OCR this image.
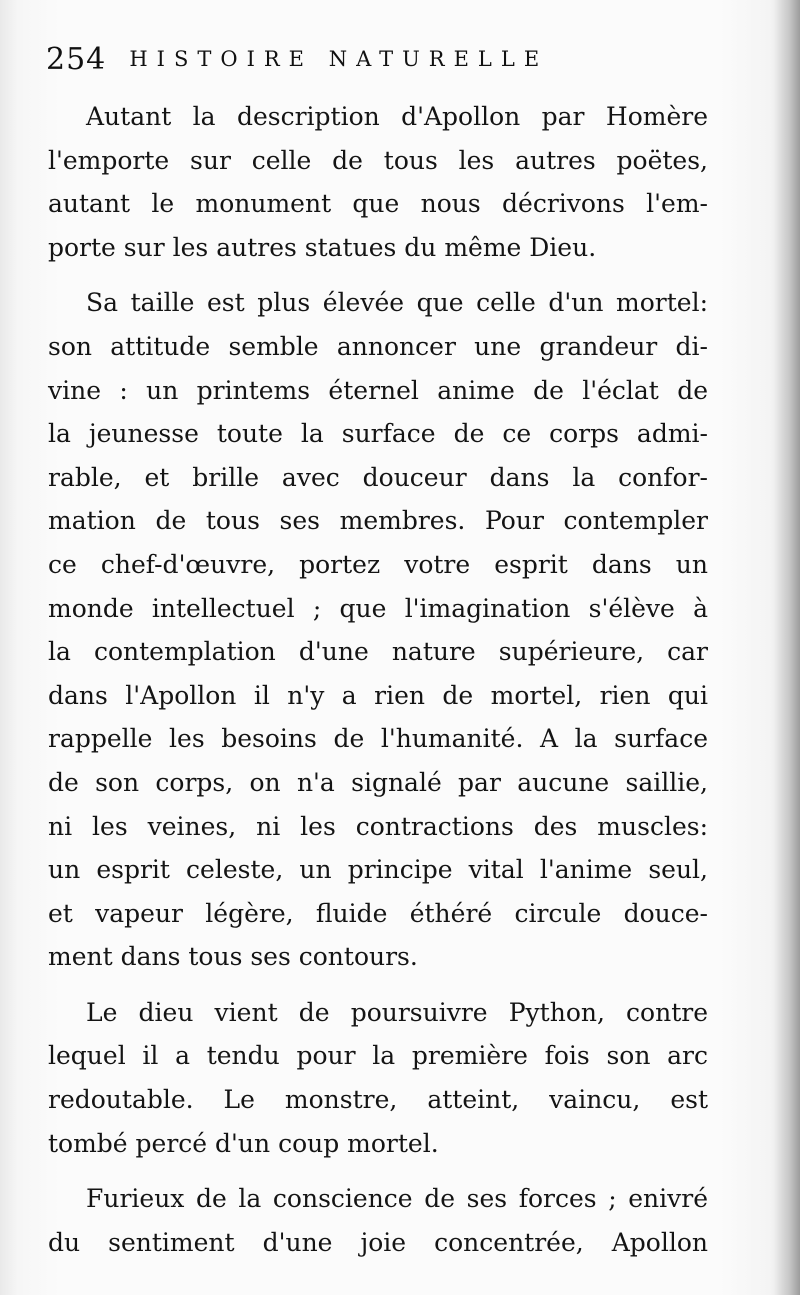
254 HISTOIRE NATURELLE
Autant la description d'Apollon par Homère
l'emporte sur celle de tous les autres poëtes,
autant le monument que nous décrivons l'em-
porte sur les autres statues du même Dieu.
Sa taille est plus élevée que celle d'un mortel:
son attitude semble annoncer une grandeur di-
vine : un printems éternel anime de l'éclat de
la jeunesse toute la surface de ce corps admi-
rable, et brille avec douceur dans la confor-
mation de tous ses membres. Pour contempler
ce chef-d'œuvre, portez votre esprit dans un
monde intellectuel ; que l'imagination s'élève à
la contemplation d'une nature supérieure, car
dans l'Apollon il n'y a rien de mortel, rien qui
rappelle les besoins de l'humanité. A la surface
de son corps, on n'a signalé par aucune saillie,
ni les veines, ni les contractions des muscles:
un esprit celeste, un principe vital l'anime seul,
et vapeur légère, fluide éthéré circule douce-
ment dans tous ses contours.
Le dieu vient de poursuivre Python, contre
lequel il a tendu pour la première fois son arc
redoutable. Le monstre, atteint, vaincu, est
tombé percé d'un coup mortel.
Furieux de la conscience de ses forces ; enivré
du sentiment d'une joie concentrée, Apollon
